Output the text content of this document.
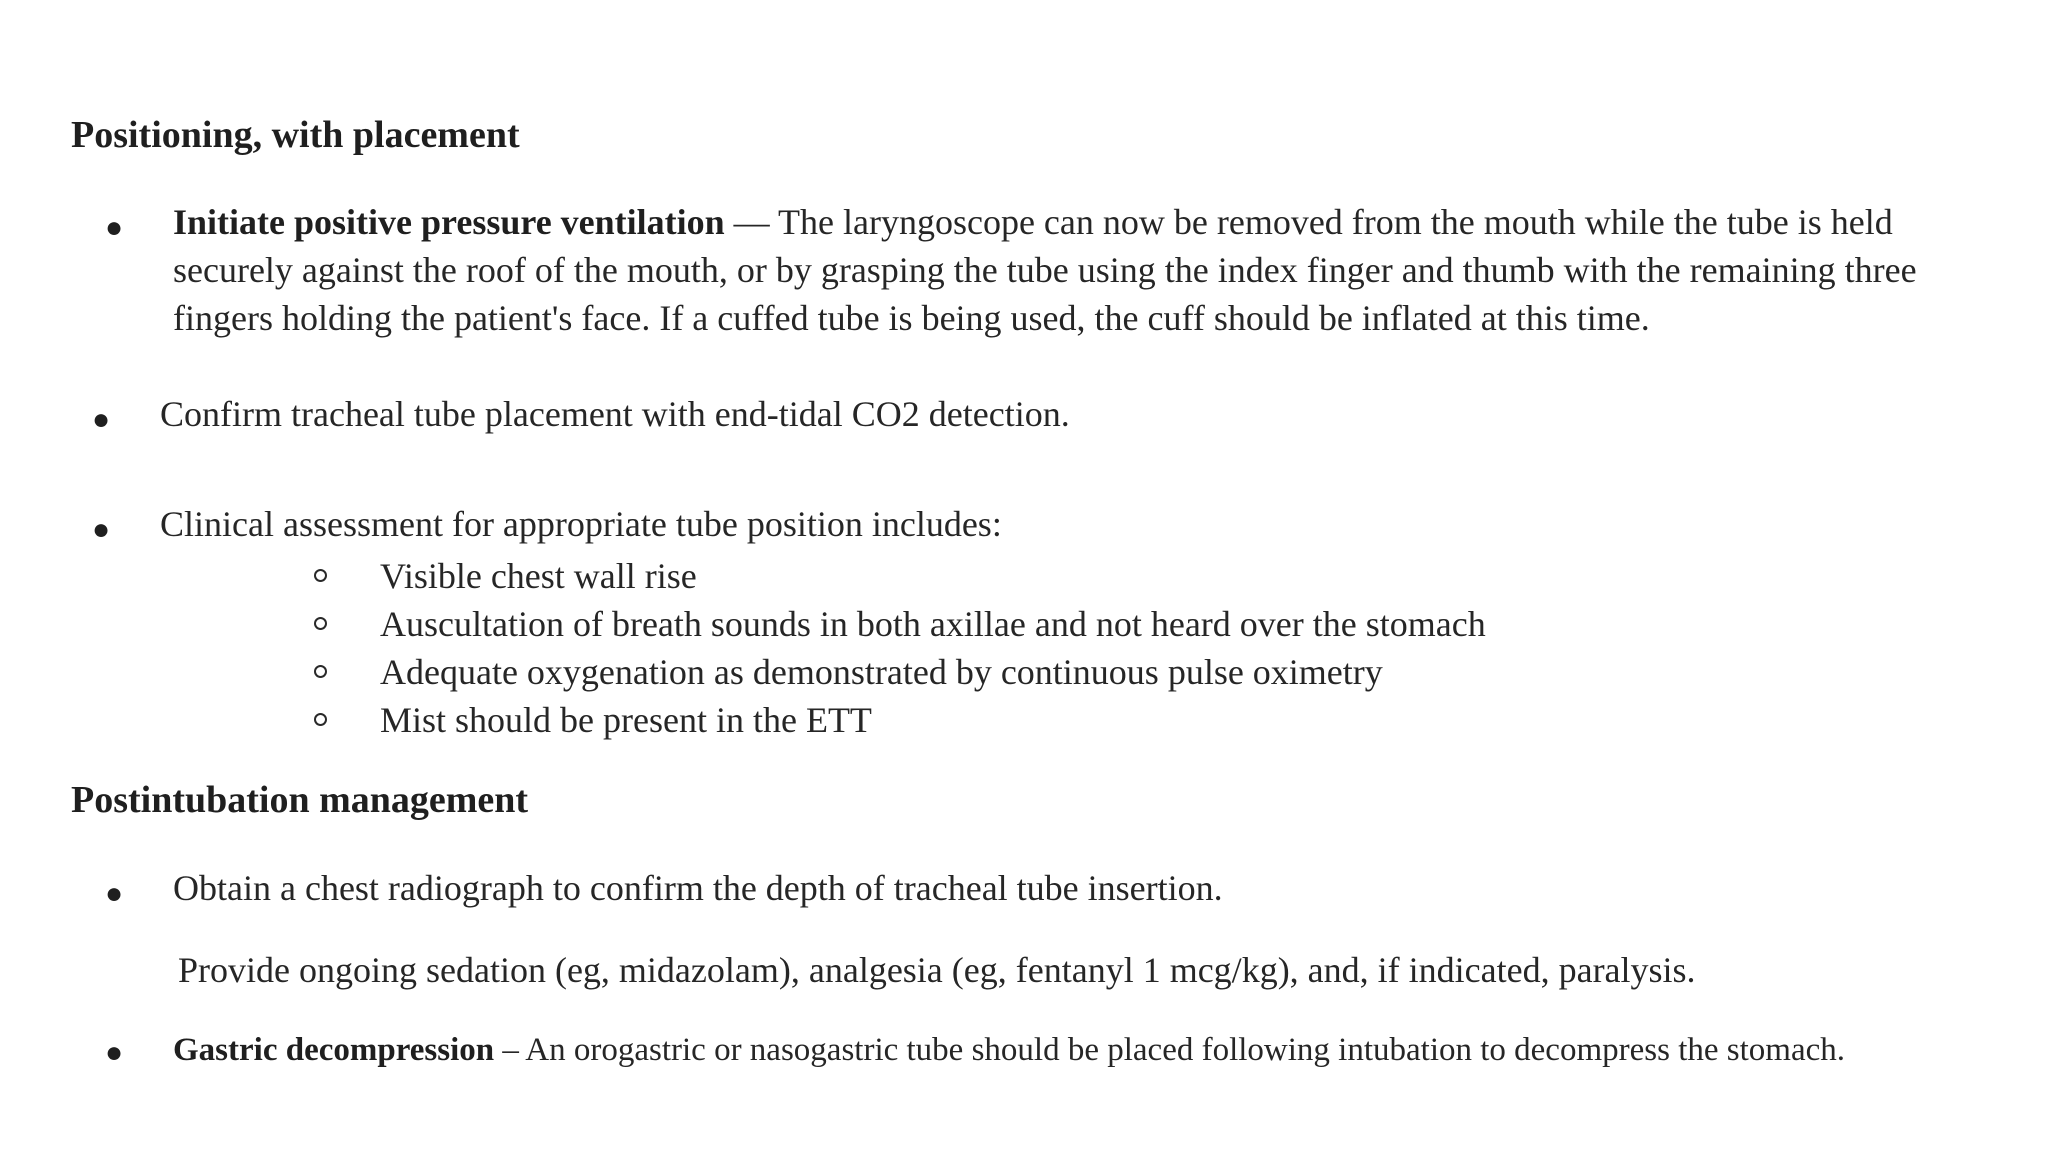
Positioning, with placement
● Initiate positive pressure ventilation — The laryngoscope can now be removed from the mouth while the tube is held securely against the roof of the mouth, or by grasping the tube using the index finger and thumb with the remaining three fingers holding the patient's face. If a cuffed tube is being used, the cuff should be inflated at this time.
● Confirm tracheal tube placement with end-tidal CO2 detection.
● Clinical assessment for appropriate tube position includes:
Visible chest wall rise
Auscultation of breath sounds in both axillae and not heard over the stomach
Adequate oxygenation as demonstrated by continuous pulse oximetry
Mist should be present in the ETT
Postintubation management
● Obtain a chest radiograph to confirm the depth of tracheal tube insertion.
Provide ongoing sedation (eg, midazolam), analgesia (eg, fentanyl 1 mcg/kg), and, if indicated, paralysis.
● Gastric decompression – An orogastric or nasogastric tube should be placed following intubation to decompress the stomach.
